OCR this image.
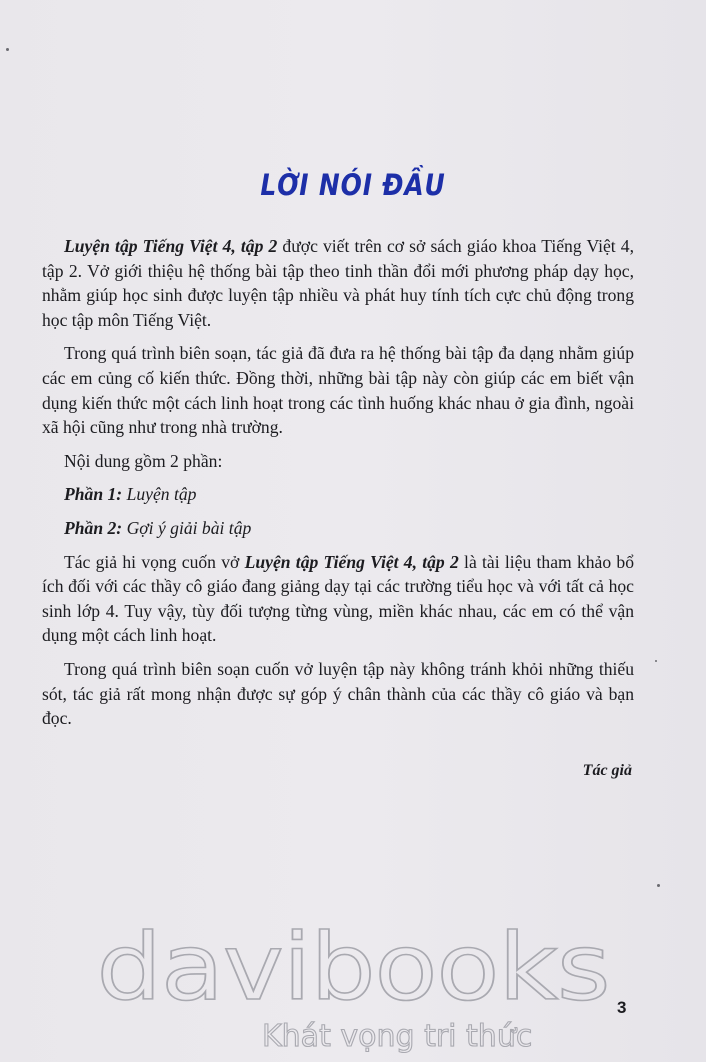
LỜI NÓI ĐẦU

Luyện tập Tiếng Việt 4, tập 2 được viết trên cơ sở sách giáo khoa Tiếng Việt 4, tập 2. Vở giới thiệu hệ thống bài tập theo tinh thần đổi mới phương pháp dạy học, nhằm giúp học sinh được luyện tập nhiều và phát huy tính tích cực chủ động trong học tập môn Tiếng Việt.

Trong quá trình biên soạn, tác giả đã đưa ra hệ thống bài tập đa dạng nhằm giúp các em củng cố kiến thức. Đồng thời, những bài tập này còn giúp các em biết vận dụng kiến thức một cách linh hoạt trong các tình huống khác nhau ở gia đình, ngoài xã hội cũng như trong nhà trường.

Nội dung gồm 2 phần:

Phần 1: Luyện tập

Phần 2: Gợi ý giải bài tập

Tác giả hi vọng cuốn vở Luyện tập Tiếng Việt 4, tập 2 là tài liệu tham khảo bổ ích đối với các thầy cô giáo đang giảng dạy tại các trường tiểu học và với tất cả học sinh lớp 4. Tuy vậy, tùy đối tượng từng vùng, miền khác nhau, các em có thể vận dụng một cách linh hoạt.

Trong quá trình biên soạn cuốn vở luyện tập này không tránh khỏi những thiếu sót, tác giả rất mong nhận được sự góp ý chân thành của các thầy cô giáo và bạn đọc.

Tác giả
davibooks
Khát vọng tri thức
3
